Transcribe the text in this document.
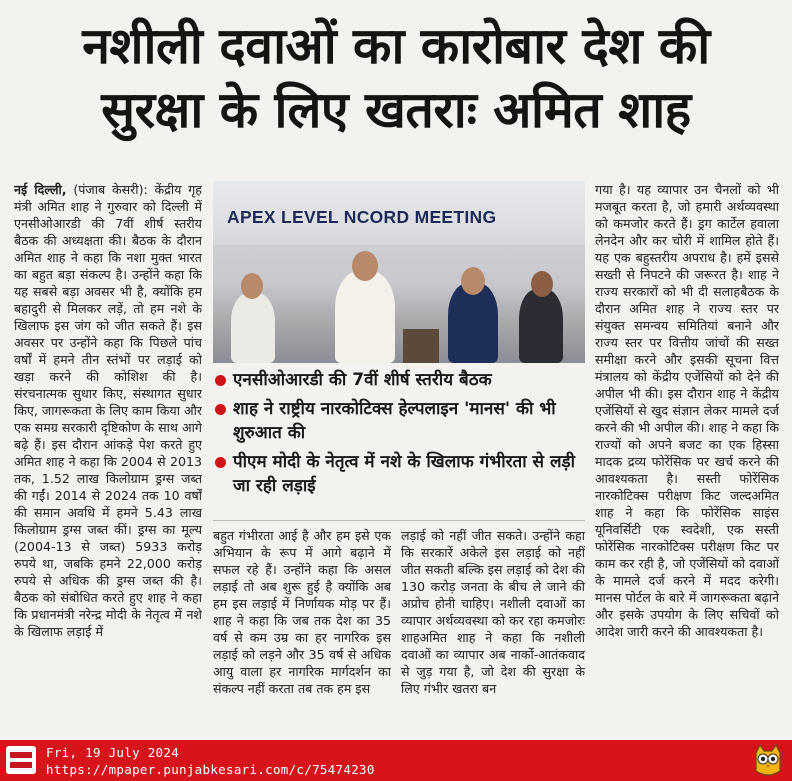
नशीली दवाओं का कारोबार देश की
सुरक्षा के लिए खतराः अमित शाह

नई दिल्ली, (पंजाब केसरी): केंद्रीय गृह मंत्री अमित शाह ने गुरुवार को दिल्ली में एनसीओआरडी की 7वीं शीर्ष स्तरीय बैठक की अध्यक्षता की। बैठक के दौरान अमित शाह ने कहा कि नशा मुक्त भारत का बहुत बड़ा संकल्प है। उन्होंने कहा कि यह सबसे बड़ा अवसर भी है, क्योंकि हम बहादुरी से मिलकर लड़ें, तो हम नशे के खिलाफ इस जंग को जीत सकते हैं। इस अवसर पर उन्होंने कहा कि पिछले पांच वर्षों में हमने तीन स्तंभों पर लड़ाई को खड़ा करने की कोशिश की है। संरचनात्मक सुधार किए, संस्थागत सुधार किए, जागरूकता के लिए काम किया और एक समग्र सरकारी दृष्टिकोण के साथ आगे बढ़े हैं। इस दौरान आंकड़े पेश करते हुए अमित शाह ने कहा कि 2004 से 2013 तक, 1.52 लाख किलोग्राम ड्रग्स जब्त की गईं। 2014 से 2024 तक 10 वर्षों की समान अवधि में हमने 5.43 लाख किलोग्राम ड्रग्स जब्त कीं। ड्रग्स का मूल्य (2004-13 से जब्त) 5933 करोड़ रुपये था, जबकि हमने 22,000 करोड़ रुपये से अधिक की ड्रग्स जब्त की है। बैठक को संबोधित करते हुए शाह ने कहा कि प्रधानमंत्री नरेन्द्र मोदी के नेतृत्व में नशे के खिलाफ लड़ाई में

APEX LEVEL NCORD MEETING
एनसीओआरडी की 7वीं शीर्ष स्तरीय बैठक
शाह ने राष्ट्रीय नारकोटिक्स हेल्पलाइन 'मानस' की भी शुरुआत की
पीएम मोदी के नेतृत्व में नशे के खिलाफ गंभीरता से लड़ी जा रही लड़ाई

बहुत गंभीरता आई है और हम इसे एक अभियान के रूप में आगे बढ़ाने में सफल रहे हैं। उन्होंने कहा कि असल लड़ाई तो अब शुरू हुई है क्योंकि अब हम इस लड़ाई में निर्णायक मोड़ पर हैं। शाह ने कहा कि जब तक देश का 35 वर्ष से कम उम्र का हर नागरिक इस लड़ाई को लड़ने और 35 वर्ष से अधिक आयु वाला हर नागरिक मार्गदर्शन का संकल्प नहीं करता तब तक हम इस

लड़ाई को नहीं जीत सकते। उन्होंने कहा कि सरकारें अकेले इस लड़ाई को नहीं जीत सकती बल्कि इस लड़ाई को देश की 130 करोड़ जनता के बीच ले जाने की अप्रोच होनी चाहिए। नशीली दवाओं का व्यापार अर्थव्यवस्था को कर रहा कमजोरः शाहअमित शाह ने कहा कि नशीली दवाओं का व्यापार अब नार्को-आतंकवाद से जुड़ गया है, जो देश की सुरक्षा के लिए गंभीर खतरा बन

गया है। यह व्यापार उन चैनलों को भी मजबूत करता है, जो हमारी अर्थव्यवस्था को कमजोर करते हैं। ड्रग कार्टेल हवाला लेनदेन और कर चोरी में शामिल होते हैं। यह एक बहुस्तरीय अपराध है। हमें इससे सख्ती से निपटने की जरूरत है। शाह ने राज्य सरकारों को भी दी सलाहबैठक के दौरान अमित शाह ने राज्य स्तर पर संयुक्त समन्वय समितियां बनाने और राज्य स्तर पर वित्तीय जांचों की सख्त समीक्षा करने और इसकी सूचना वित्त मंत्रालय को केंद्रीय एजेंसियों को देने की अपील भी की। इस दौरान शाह ने केंद्रीय एजेंसियों से खुद संज्ञान लेकर मामले दर्ज करने की भी अपील की। शाह ने कहा कि राज्यों को अपने बजट का एक हिस्सा मादक द्रव्य फोरेंसिक पर खर्च करने की आवश्यकता है। सस्ती फोरेंसिक नारकोटिक्स परीक्षण किट जल्दअमित शाह ने कहा कि फोरेंसिक साइंस यूनिवर्सिटी एक स्वदेशी, एक सस्ती फोरेंसिक नारकोटिक्स परीक्षण किट पर काम कर रही है, जो एजेंसियों को दवाओं के मामले दर्ज करने में मदद करेगी। मानस पोर्टल के बारे में जागरूकता बढ़ाने और इसके उपयोग के लिए सचिवों को आदेश जारी करने की आवश्यकता है।

Fri, 19 July 2024
https://mpaper.punjabkesari.com/c/75474230
